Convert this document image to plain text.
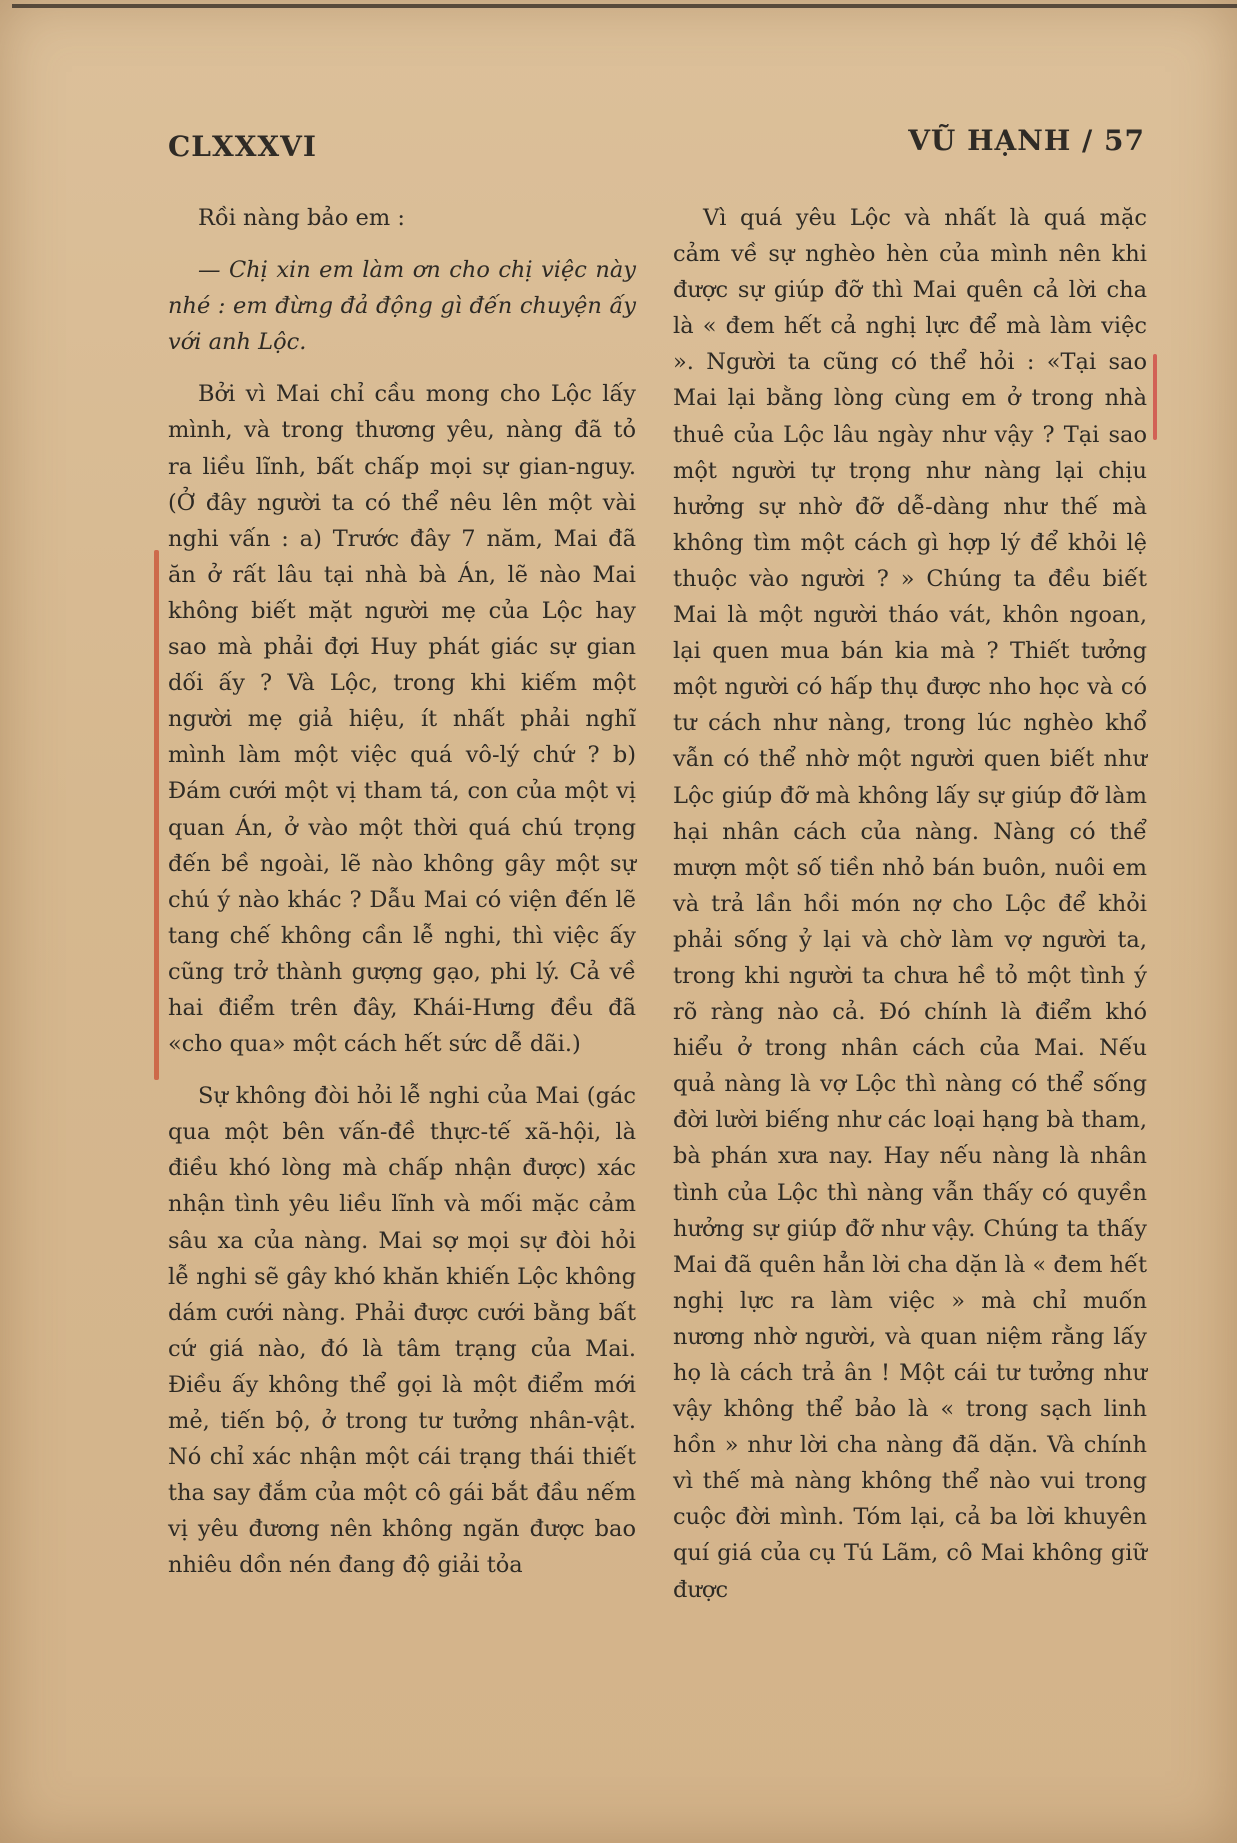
CLXXXVI	VŨ HẠNH / 57

Rồi nàng bảo em :

— Chị xin em làm ơn cho chị việc này nhé : em đừng đả động gì đến chuyện ấy với anh Lộc.

Bởi vì Mai chỉ cầu mong cho Lộc lấy mình, và trong thương yêu, nàng đã tỏ ra liều lĩnh, bất chấp mọi sự gian-nguy. (Ở đây người ta có thể nêu lên một vài nghi vấn : a) Trước đây 7 năm, Mai đã ăn ở rất lâu tại nhà bà Án, lẽ nào Mai không biết mặt người mẹ của Lộc hay sao mà phải đợi Huy phát giác sự gian dối ấy ? Và Lộc, trong khi kiếm một người mẹ giả hiệu, ít nhất phải nghĩ mình làm một việc quá vô-lý chứ ? b) Đám cưới một vị tham tá, con của một vị quan Án, ở vào một thời quá chú trọng đến bề ngoài, lẽ nào không gây một sự chú ý nào khác ? Dẫu Mai có viện đến lẽ tang chế không cần lễ nghi, thì việc ấy cũng trở thành gượng gạo, phi lý. Cả về hai điểm trên đây, Khái-Hưng đều đã «cho qua» một cách hết sức dễ dãi.)

Sự không đòi hỏi lễ nghi của Mai (gác qua một bên vấn-đề thực-tế xã-hội, là điều khó lòng mà chấp nhận được) xác nhận tình yêu liều lĩnh và mối mặc cảm sâu xa của nàng. Mai sợ mọi sự đòi hỏi lễ nghi sẽ gây khó khăn khiến Lộc không dám cưới nàng. Phải được cưới bằng bất cứ giá nào, đó là tâm trạng của Mai. Điều ấy không thể gọi là một điểm mới mẻ, tiến bộ, ở trong tư tưởng nhân-vật. Nó chỉ xác nhận một cái trạng thái thiết tha say đắm của một cô gái bắt đầu nếm vị yêu đương nên không ngăn được bao nhiêu dồn nén đang độ giải tỏa

Vì quá yêu Lộc và nhất là quá mặc cảm về sự nghèo hèn của mình nên khi được sự giúp đỡ thì Mai quên cả lời cha là « đem hết cả nghị lực để mà làm việc ». Người ta cũng có thể hỏi : «Tại sao Mai lại bằng lòng cùng em ở trong nhà thuê của Lộc lâu ngày như vậy ? Tại sao một người tự trọng như nàng lại chịu hưởng sự nhờ đỡ dễ-dàng như thế mà không tìm một cách gì hợp lý để khỏi lệ thuộc vào người ? » Chúng ta đều biết Mai là một người tháo vát, khôn ngoan, lại quen mua bán kia mà ? Thiết tưởng một người có hấp thụ được nho học và có tư cách như nàng, trong lúc nghèo khổ vẫn có thể nhờ một người quen biết như Lộc giúp đỡ mà không lấy sự giúp đỡ làm hại nhân cách của nàng. Nàng có thể mượn một số tiền nhỏ bán buôn, nuôi em và trả lần hồi món nợ cho Lộc để khỏi phải sống ỷ lại và chờ làm vợ người ta, trong khi người ta chưa hề tỏ một tình ý rõ ràng nào cả. Đó chính là điểm khó hiểu ở trong nhân cách của Mai. Nếu quả nàng là vợ Lộc thì nàng có thể sống đời lười biếng như các loại hạng bà tham, bà phán xưa nay. Hay nếu nàng là nhân tình của Lộc thì nàng vẫn thấy có quyền hưởng sự giúp đỡ như vậy. Chúng ta thấy Mai đã quên hẳn lời cha dặn là « đem hết nghị lực ra làm việc » mà chỉ muốn nương nhờ người, và quan niệm rằng lấy họ là cách trả ân ! Một cái tư tưởng như vậy không thể bảo là « trong sạch linh hồn » như lời cha nàng đã dặn. Và chính vì thế mà nàng không thể nào vui trong cuộc đời mình. Tóm lại, cả ba lời khuyên quí giá của cụ Tú Lãm, cô Mai không giữ được
